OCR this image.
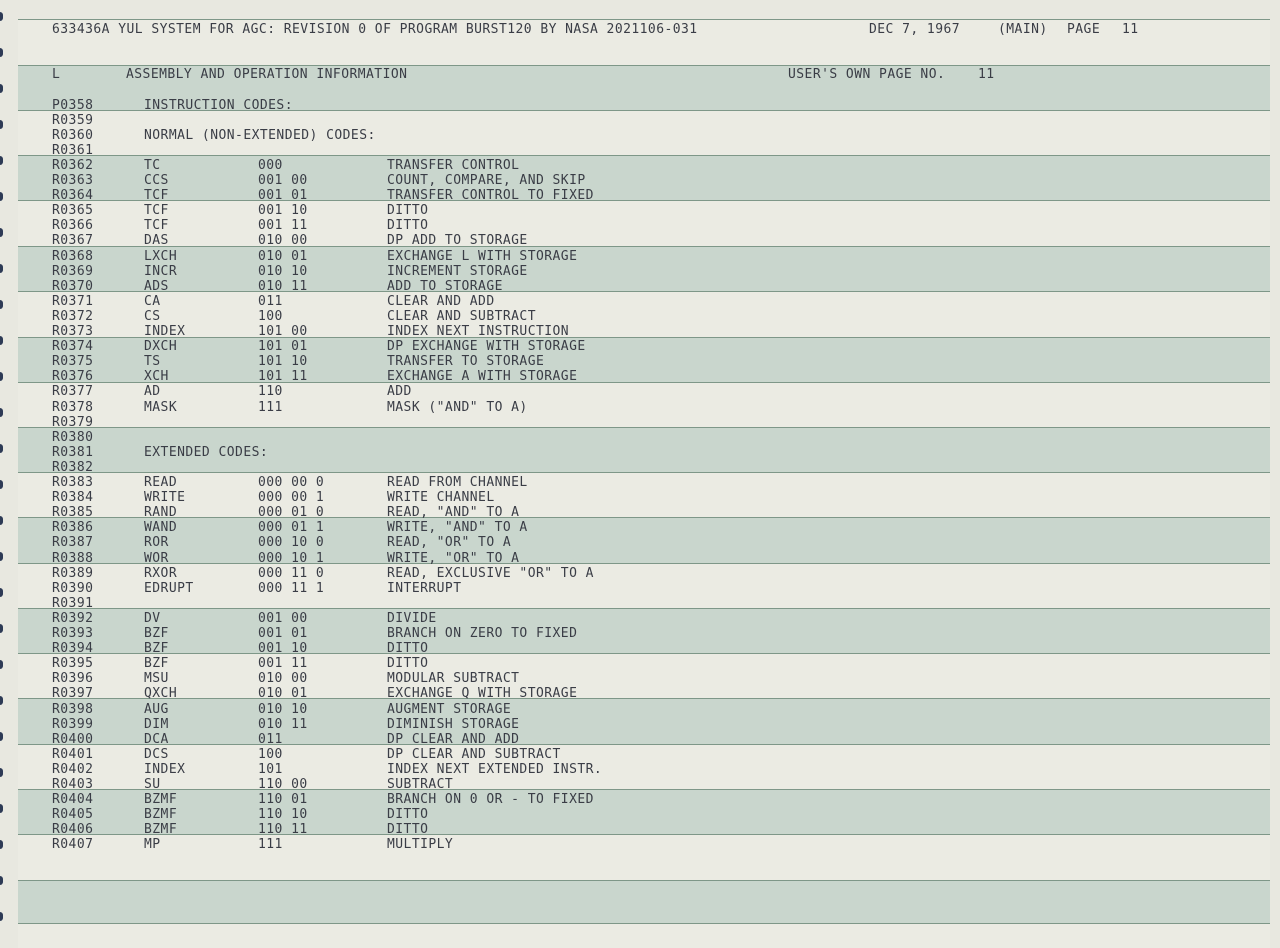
633436A YUL SYSTEM FOR AGC: REVISION 0 OF PROGRAM BURST120 BY NASA 2021106-031	DEC 7, 1967	(MAIN) PAGE 11
L	ASSEMBLY AND OPERATION INFORMATION	USER'S OWN PAGE NO.	11
P0358	INSTRUCTION CODES:
R0359
R0360	NORMAL (NON-EXTENDED) CODES:
R0361
R0362	TC	000	TRANSFER CONTROL
R0363	CCS	001 00	COUNT, COMPARE, AND SKIP
R0364	TCF	001 01	TRANSFER CONTROL TO FIXED
R0365	TCF	001 10	DITTO
R0366	TCF	001 11	DITTO
R0367	DAS	010 00	DP ADD TO STORAGE
R0368	LXCH	010 01	EXCHANGE L WITH STORAGE
R0369	INCR	010 10	INCREMENT STORAGE
R0370	ADS	010 11	ADD TO STORAGE
R0371	CA	011	CLEAR AND ADD
R0372	CS	100	CLEAR AND SUBTRACT
R0373	INDEX	101 00	INDEX NEXT INSTRUCTION
R0374	DXCH	101 01	DP EXCHANGE WITH STORAGE
R0375	TS	101 10	TRANSFER TO STORAGE
R0376	XCH	101 11	EXCHANGE A WITH STORAGE
R0377	AD	110	ADD
R0378	MASK	111	MASK ("AND" TO A)
R0379
R0380
R0381	EXTENDED CODES:
R0382
R0383	READ	000 00 0	READ FROM CHANNEL
R0384	WRITE	000 00 1	WRITE CHANNEL
R0385	RAND	000 01 0	READ, "AND" TO A
R0386	WAND	000 01 1	WRITE, "AND" TO A
R0387	ROR	000 10 0	READ, "OR" TO A
R0388	WOR	000 10 1	WRITE, "OR" TO A
R0389	RXOR	000 11 0	READ, EXCLUSIVE "OR" TO A
R0390	EDRUPT	000 11 1	INTERRUPT
R0391
R0392	DV	001 00	DIVIDE
R0393	BZF	001 01	BRANCH ON ZERO TO FIXED
R0394	BZF	001 10	DITTO
R0395	BZF	001 11	DITTO
R0396	MSU	010 00	MODULAR SUBTRACT
R0397	QXCH	010 01	EXCHANGE Q WITH STORAGE
R0398	AUG	010 10	AUGMENT STORAGE
R0399	DIM	010 11	DIMINISH STORAGE
R0400	DCA	011	DP CLEAR AND ADD
R0401	DCS	100	DP CLEAR AND SUBTRACT
R0402	INDEX	101	INDEX NEXT EXTENDED INSTR.
R0403	SU	110 00	SUBTRACT
R0404	BZMF	110 01	BRANCH ON 0 OR - TO FIXED
R0405	BZMF	110 10	DITTO
R0406	BZMF	110 11	DITTO
R0407	MP	111	MULTIPLY
